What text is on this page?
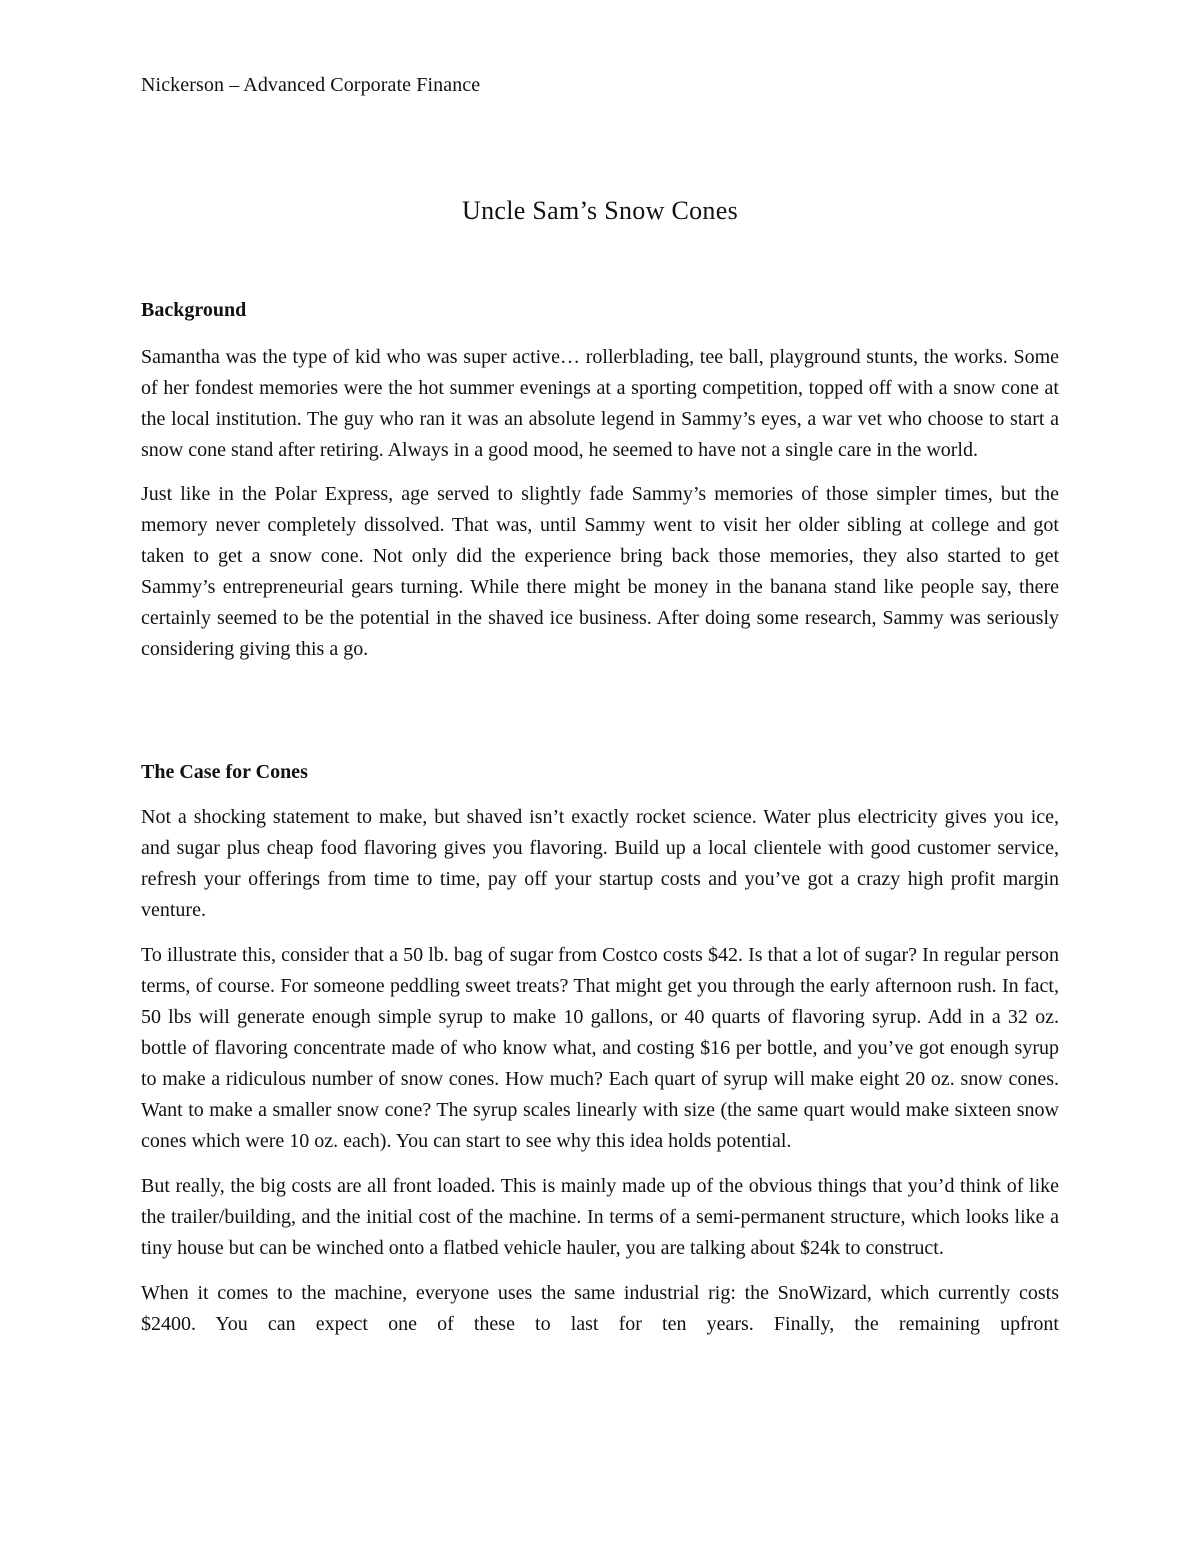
Nickerson – Advanced Corporate Finance
Uncle Sam’s Snow Cones
Background

Samantha was the type of kid who was super active… rollerblading, tee ball, playground stunts, the works. Some of her fondest memories were the hot summer evenings at a sporting competition, topped off with a snow cone at the local institution. The guy who ran it was an absolute legend in Sammy’s eyes, a war vet who choose to start a snow cone stand after retiring. Always in a good mood, he seemed to have not a single care in the world.

Just like in the Polar Express, age served to slightly fade Sammy’s memories of those simpler times, but the memory never completely dissolved. That was, until Sammy went to visit her older sibling at college and got taken to get a snow cone. Not only did the experience bring back those memories, they also started to get Sammy’s entrepreneurial gears turning. While there might be money in the banana stand like people say, there certainly seemed to be the potential in the shaved ice business. After doing some research, Sammy was seriously considering giving this a go.

The Case for Cones

Not a shocking statement to make, but shaved isn’t exactly rocket science. Water plus electricity gives you ice, and sugar plus cheap food flavoring gives you flavoring. Build up a local clientele with good customer service, refresh your offerings from time to time, pay off your startup costs and you’ve got a crazy high profit margin venture.

To illustrate this, consider that a 50 lb. bag of sugar from Costco costs $42. Is that a lot of sugar? In regular person terms, of course. For someone peddling sweet treats? That might get you through the early afternoon rush. In fact, 50 lbs will generate enough simple syrup to make 10 gallons, or 40 quarts of flavoring syrup. Add in a 32 oz. bottle of flavoring concentrate made of who know what, and costing $16 per bottle, and you’ve got enough syrup to make a ridiculous number of snow cones. How much? Each quart of syrup will make eight 20 oz. snow cones. Want to make a smaller snow cone? The syrup scales linearly with size (the same quart would make sixteen snow cones which were 10 oz. each). You can start to see why this idea holds potential.

But really, the big costs are all front loaded. This is mainly made up of the obvious things that you’d think of like the trailer/building, and the initial cost of the machine. In terms of a semi-permanent structure, which looks like a tiny house but can be winched onto a flatbed vehicle hauler, you are talking about $24k to construct.

When it comes to the machine, everyone uses the same industrial rig: the SnoWizard, which currently costs $2400. You can expect one of these to last for ten years. Finally, the remaining upfront
